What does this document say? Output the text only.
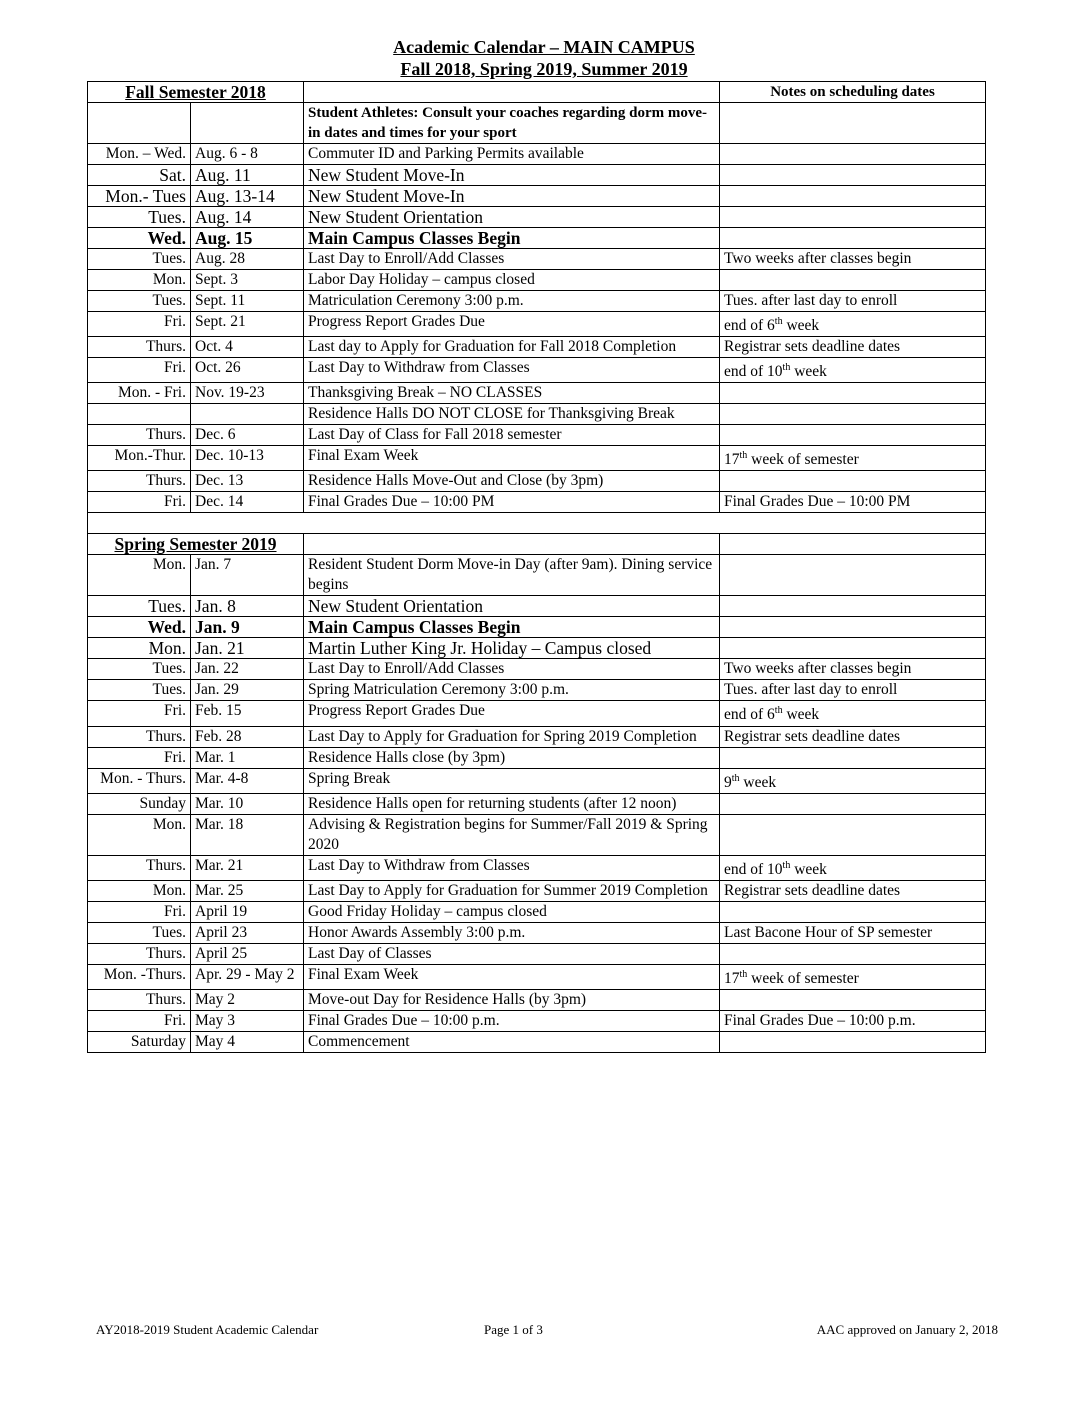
Academic Calendar – MAIN CAMPUS
Fall 2018, Spring 2019, Summer 2019
Fall Semester 2018			Notes on scheduling dates
		Student Athletes: Consult your coaches regarding dorm move-in dates and times for your sport	
Mon. – Wed.	Aug. 6 - 8	Commuter ID and Parking Permits available	
Sat.	Aug. 11	New Student Move-In	
Mon.- Tues	Aug. 13-14	New Student Move-In	
Tues.	Aug. 14	New Student Orientation	
Wed.	Aug. 15	Main Campus Classes Begin	
Tues.	Aug. 28	Last Day to Enroll/Add Classes	Two weeks after classes begin
Mon.	Sept. 3	Labor Day Holiday – campus closed	
Tues.	Sept. 11	Matriculation Ceremony 3:00 p.m.	Tues. after last day to enroll
Fri.	Sept. 21	Progress Report Grades Due	end of 6th week
Thurs.	Oct. 4	Last day to Apply for Graduation for Fall 2018 Completion	Registrar sets deadline dates
Fri.	Oct. 26	Last Day to Withdraw from Classes	end of 10th week
Mon. - Fri.	Nov. 19-23	Thanksgiving Break – NO CLASSES	
		Residence Halls DO NOT CLOSE for Thanksgiving Break	
Thurs.	Dec. 6	Last Day of Class for Fall 2018 semester	
Mon.-Thur.	Dec. 10-13	Final Exam Week	17th week of semester
Thurs.	Dec. 13	Residence Halls Move-Out and Close (by 3pm)	
Fri.	Dec. 14	Final Grades Due – 10:00 PM	Final Grades Due – 10:00 PM

Spring Semester 2019			
Mon.	Jan. 7	Resident Student Dorm Move-in Day (after 9am). Dining service begins	
Tues.	Jan. 8	New Student Orientation	
Wed.	Jan. 9	Main Campus Classes Begin	
Mon.	Jan. 21	Martin Luther King Jr. Holiday – Campus closed	
Tues.	Jan. 22	Last Day to Enroll/Add Classes	Two weeks after classes begin
Tues.	Jan. 29	Spring Matriculation Ceremony 3:00 p.m.	Tues. after last day to enroll
Fri.	Feb. 15	Progress Report Grades Due	end of 6th week
Thurs.	Feb. 28	Last Day to Apply for Graduation for Spring 2019 Completion	Registrar sets deadline dates
Fri.	Mar. 1	Residence Halls close (by 3pm)	
Mon. - Thurs.	Mar. 4-8	Spring Break	9th week
Sunday	Mar. 10	Residence Halls open for returning students (after 12 noon)	
Mon.	Mar. 18	Advising & Registration begins for Summer/Fall 2019 & Spring 2020	
Thurs.	Mar. 21	Last Day to Withdraw from Classes	end of 10th week
Mon.	Mar. 25	Last Day to Apply for Graduation for Summer 2019 Completion	Registrar sets deadline dates
Fri.	April 19	Good Friday Holiday – campus closed	
Tues.	April 23	Honor Awards Assembly 3:00 p.m.	Last Bacone Hour of SP semester
Thurs.	April 25	Last Day of Classes	
Mon. -Thurs.	Apr. 29 - May 2	Final Exam Week	17th week of semester
Thurs.	May 2	Move-out Day for Residence Halls (by 3pm)	
Fri.	May 3	Final Grades Due – 10:00 p.m.	Final Grades Due – 10:00 p.m.
Saturday	May 4	Commencement	
AY2018-2019 Student Academic Calendar	Page 1 of 3	AAC approved on January 2, 2018
